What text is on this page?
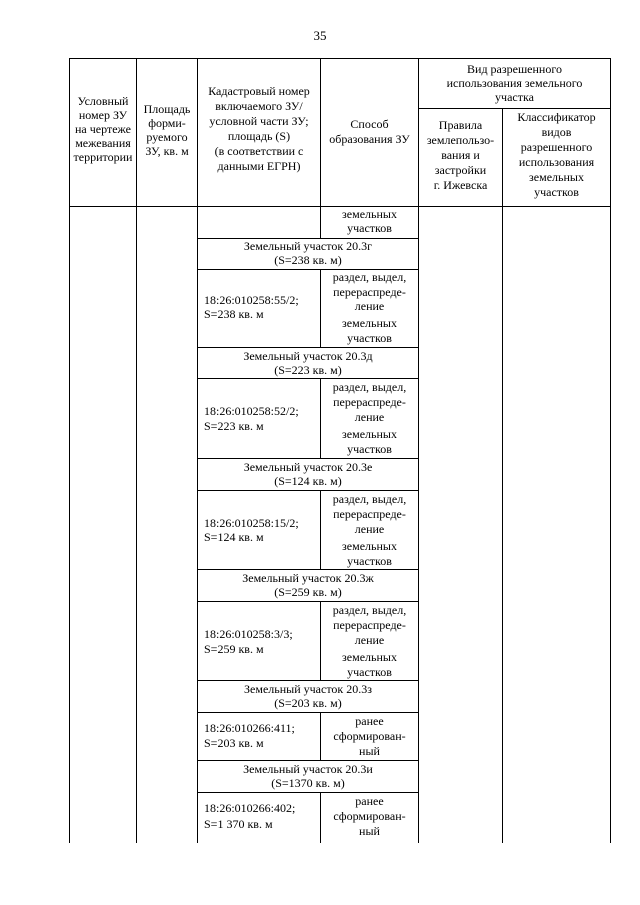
35
Условный
номер ЗУ
на чертеже
межевания
территории
Площадь
форми-
руемого
ЗУ, кв. м
Кадастровый номер
включаемого ЗУ/
условной части ЗУ;
площадь (S)
(в соответствии с
данными ЕГРН)
Способ
образования ЗУ
Вид разрешенного
использования земельного
участка
Правила
землепользо-
вания и
застройки
г. Ижевска
Классификатор
видов
разрешенного
использования
земельных
участков
земельных
участков
Земельный участок 20.3г
(S=238 кв. м)
18:26:010258:55/2;
S=238 кв. м
раздел, выдел,
перераспреде-
ление
земельных
участков
Земельный участок 20.3д
(S=223 кв. м)
18:26:010258:52/2;
S=223 кв. м
раздел, выдел,
перераспреде-
ление
земельных
участков
Земельный участок 20.3е
(S=124 кв. м)
18:26:010258:15/2;
S=124 кв. м
раздел, выдел,
перераспреде-
ление
земельных
участков
Земельный участок 20.3ж
(S=259 кв. м)
18:26:010258:3/3;
S=259 кв. м
раздел, выдел,
перераспреде-
ление
земельных
участков
Земельный участок 20.3з
(S=203 кв. м)
18:26:010266:411;
S=203 кв. м
ранее
сформирован-
ный
Земельный участок 20.3и
(S=1370 кв. м)
18:26:010266:402;
S=1 370 кв. м
ранее
сформирован-
ный
